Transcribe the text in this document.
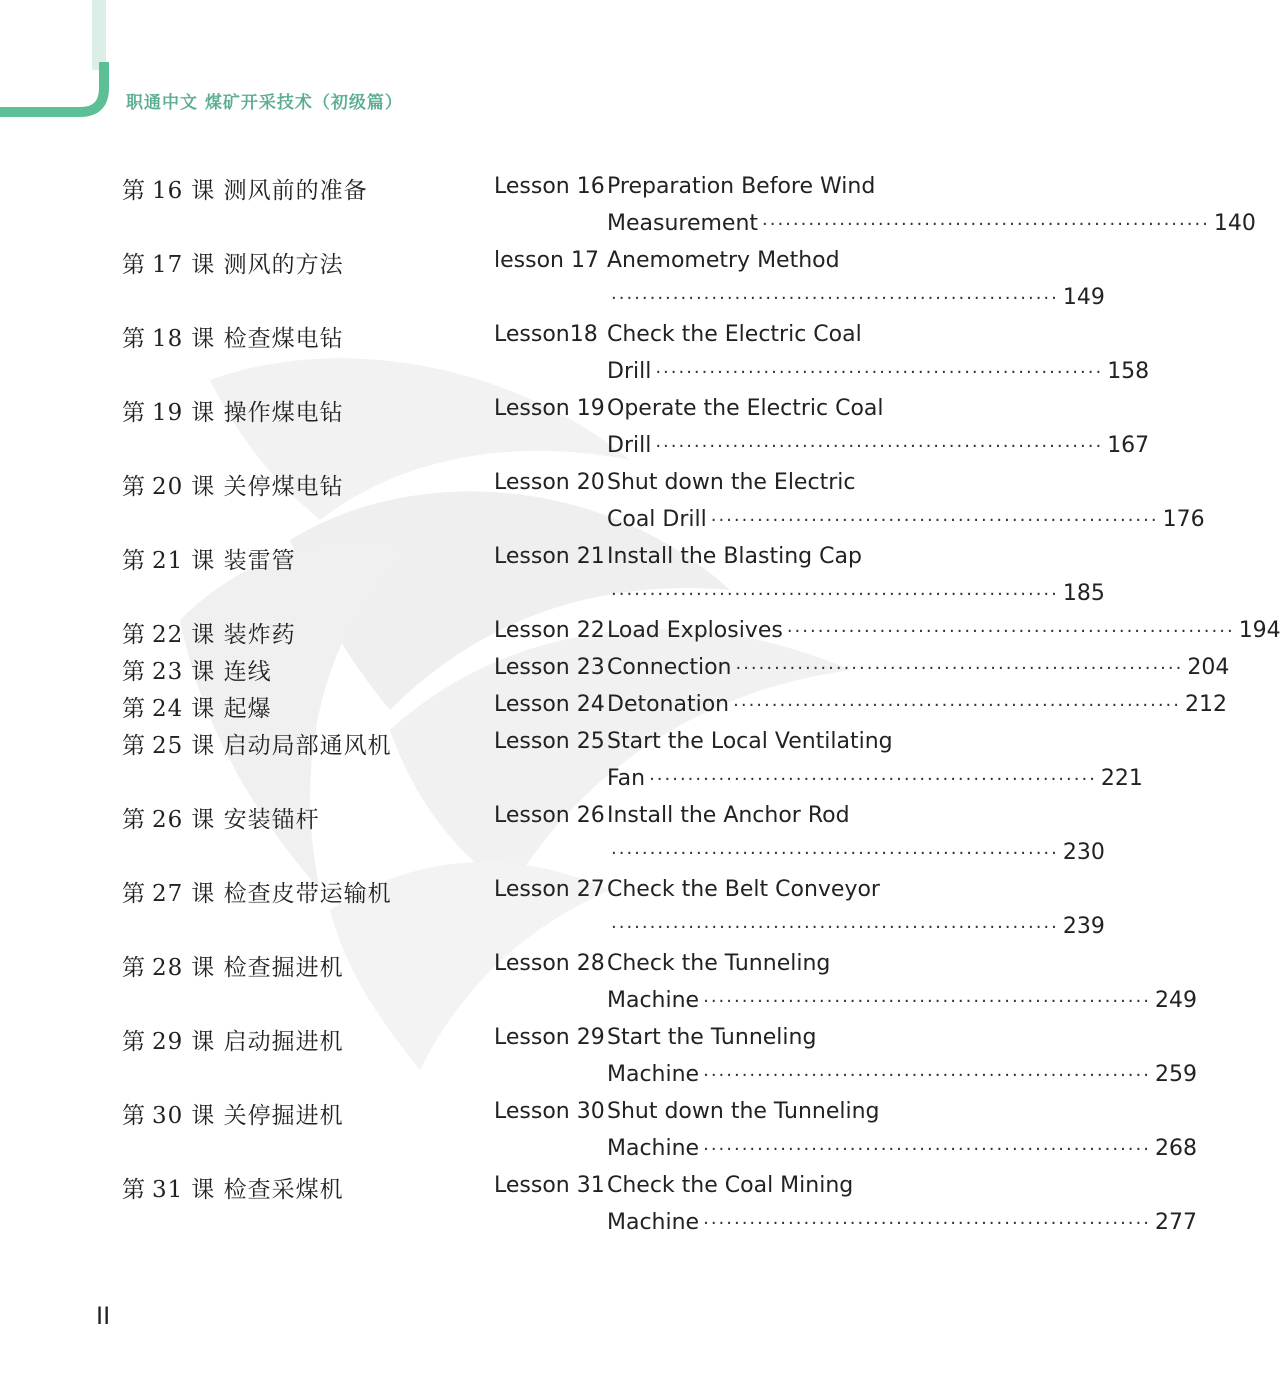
职通中文 煤矿开采技术（初级篇）
第 16 课 测风前的准备	Lesson 16 Preparation Before Wind
Measurement ·························································· 140
第 17 课 测风的方法	lesson 17 Anemometry Method
·························································· 149
第 18 课 检查煤电钻	Lesson18 Check the Electric Coal
Drill ·························································· 158
第 19 课 操作煤电钻	Lesson 19 Operate the Electric Coal
Drill ·························································· 167
第 20 课 关停煤电钻	Lesson 20 Shut down the Electric
Coal Drill ·························································· 176
第 21 课 装雷管	Lesson 21 Install the Blasting Cap
·························································· 185
第 22 课 装炸药	Lesson 22 Load Explosives ·························································· 194
第 23 课 连线	Lesson 23 Connection ·························································· 204
第 24 课 起爆	Lesson 24 Detonation ·························································· 212
第 25 课 启动局部通风机	Lesson 25 Start the Local Ventilating
Fan ·························································· 221
第 26 课 安装锚杆	Lesson 26 Install the Anchor Rod
·························································· 230
第 27 课 检查皮带运输机	Lesson 27 Check the Belt Conveyor
·························································· 239
第 28 课 检查掘进机	Lesson 28 Check the Tunneling
Machine ·························································· 249
第 29 课 启动掘进机	Lesson 29 Start the Tunneling
Machine ·························································· 259
第 30 课 关停掘进机	Lesson 30 Shut down the Tunneling
Machine ·························································· 268
第 31 课 检查采煤机	Lesson 31 Check the Coal Mining
Machine ·························································· 277
II
